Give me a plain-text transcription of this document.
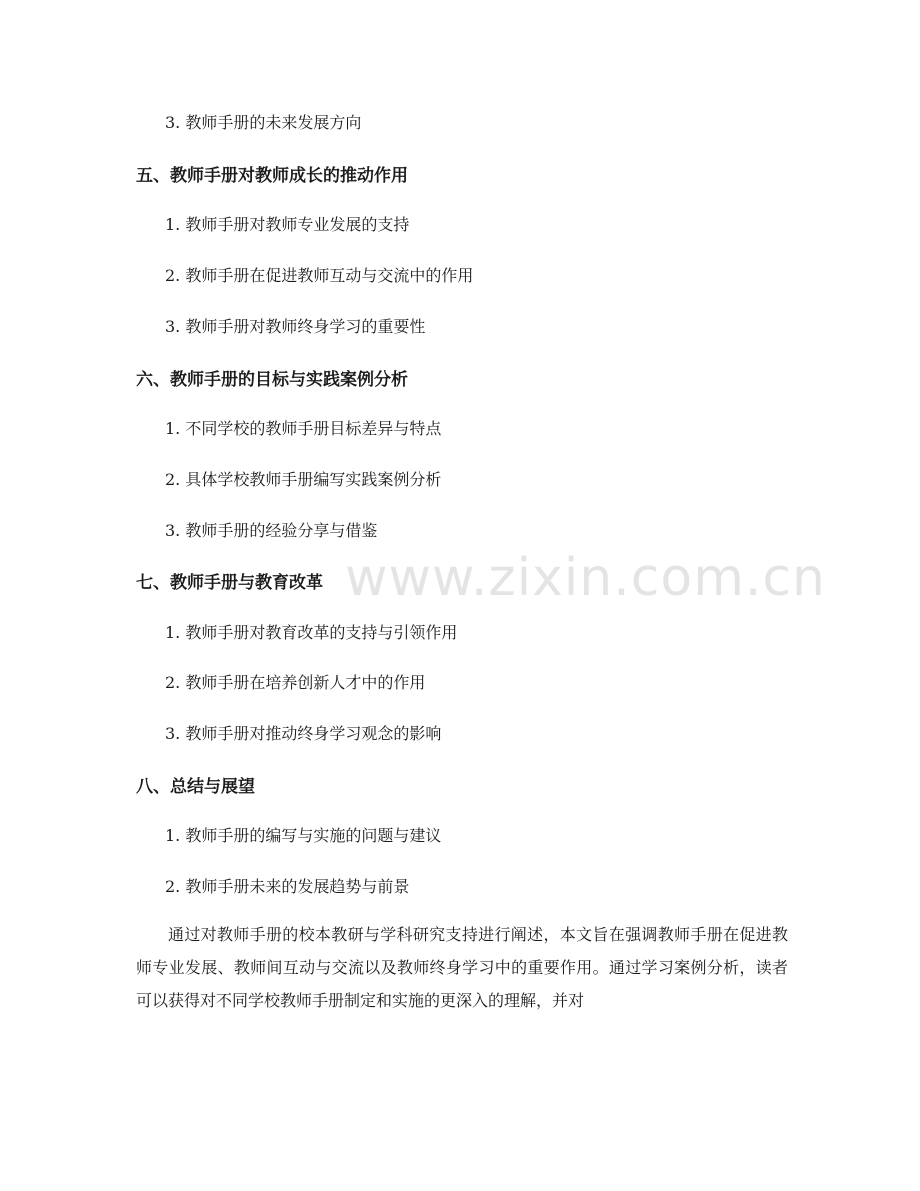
3. 教师手册的未来发展方向
五、教师手册对教师成长的推动作用
1. 教师手册对教师专业发展的支持
2. 教师手册在促进教师互动与交流中的作用
3. 教师手册对教师终身学习的重要性
六、教师手册的目标与实践案例分析
1. 不同学校的教师手册目标差异与特点
2. 具体学校教师手册编写实践案例分析
3. 教师手册的经验分享与借鉴
七、教师手册与教育改革
1. 教师手册对教育改革的支持与引领作用
2. 教师手册在培养创新人才中的作用
3. 教师手册对推动终身学习观念的影响
八、总结与展望
1. 教师手册的编写与实施的问题与建议
2. 教师手册未来的发展趋势与前景
通过对教师手册的校本教研与学科研究支持进行阐述，本文旨在强调教师手册在促进教师专业发展、教师间互动与交流以及教师终身学习中的重要作用。通过学习案例分析，读者可以获得对不同学校教师手册制定和实施的更深入的理解，并对
www.zixin.com.cn
